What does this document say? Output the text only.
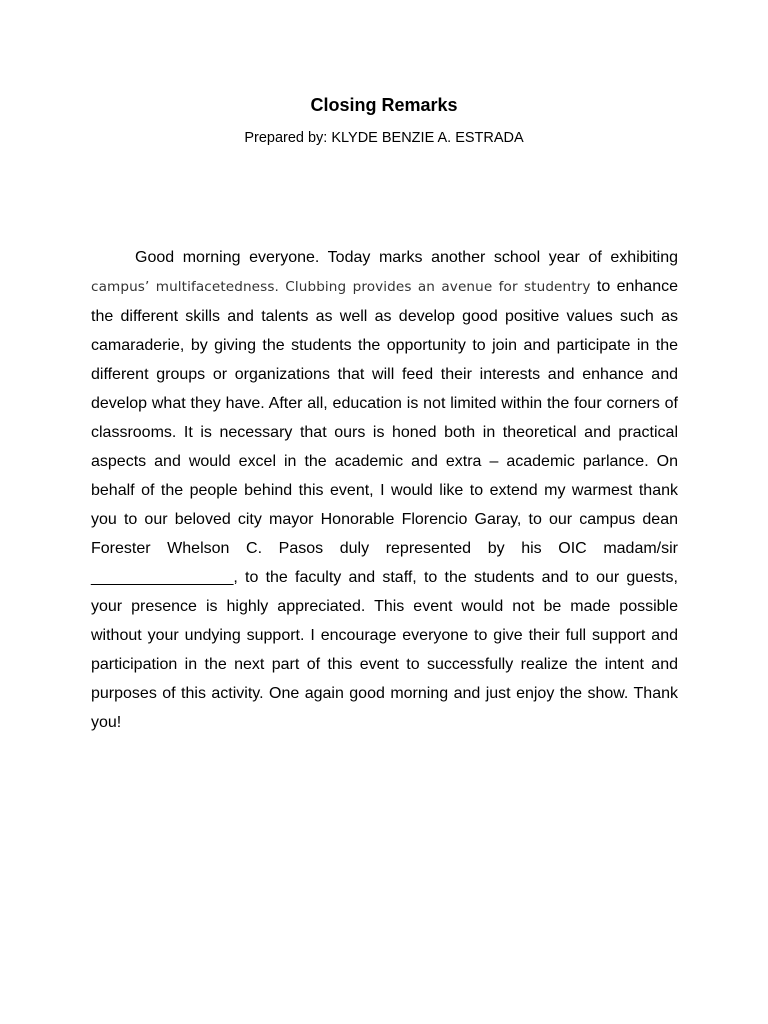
Closing Remarks
Prepared by: KLYDE BENZIE A. ESTRADA

Good morning everyone. Today marks another school year of exhibiting campus’ multifacetedness. Clubbing provides an avenue for studentry to enhance the different skills and talents as well as develop good positive values such as camaraderie, by giving the students the opportunity to join and participate in the different groups or organizations that will feed their interests and enhance and develop what they have. After all, education is not limited within the four corners of classrooms. It is necessary that ours is honed both in theoretical and practical aspects and would excel in the academic and extra – academic parlance. On behalf of the people behind this event, I would like to extend my warmest thank you to our beloved city mayor Honorable Florencio Garay, to our campus dean Forester Whelson C. Pasos duly represented by his OIC madam/sir ________________, to the faculty and staff, to the students and to our guests, your presence is highly appreciated. This event would not be made possible without your undying support. I encourage everyone to give their full support and participation in the next part of this event to successfully realize the intent and purposes of this activity. One again good morning and just enjoy the show. Thank you!
